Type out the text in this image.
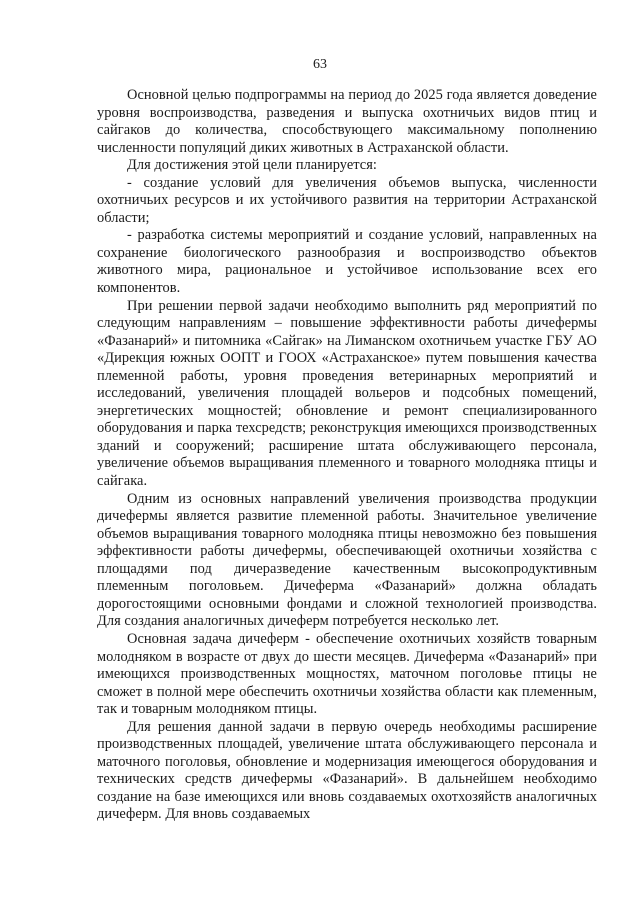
63

Основной целью подпрограммы на период до 2025 года является доведение уровня воспроизводства, разведения и выпуска охотничьих видов птиц и сайгаков до количества, способствующего максимальному пополнению численности популяций диких животных в Астраханской области.

Для достижения этой цели планируется:

- создание условий для увеличения объемов выпуска, численности охотничьих ресурсов и их устойчивого развития на территории Астраханской области;

- разработка системы мероприятий и создание условий, направленных на сохранение биологического разнообразия и воспроизводство объектов животного мира, рациональное и устойчивое использование всех его компонентов.

При решении первой задачи необходимо выполнить ряд мероприятий по следующим направлениям – повышение эффективности работы дичефермы «Фазанарий» и питомника «Сайгак» на Лиманском охотничьем участке ГБУ АО «Дирекция южных ООПТ и ГООХ «Астраханское» путем повышения качества племенной работы, уровня проведения ветеринарных мероприятий и исследований, увеличения площадей вольеров и подсобных помещений, энергетических мощностей; обновление и ремонт специализированного оборудования и парка техсредств; реконструкция имеющихся производственных зданий и сооружений; расширение штата обслуживающего персонала, увеличение объемов выращивания племенного и товарного молодняка птицы и сайгака.

Одним из основных направлений увеличения производства продукции дичефермы является развитие племенной работы. Значительное увеличение объемов выращивания товарного молодняка птицы невозможно без повышения эффективности работы дичефермы, обеспечивающей охотничьи хозяйства с площадями под дичеразведение качественным высокопродуктивным племенным поголовьем. Дичеферма «Фазанарий» должна обладать дорогостоящими основными фондами и сложной технологией производства. Для создания аналогичных дичеферм потребуется несколько лет.

Основная задача дичеферм - обеспечение охотничьих хозяйств товарным молодняком в возрасте от двух до шести месяцев. Дичеферма «Фазанарий» при имеющихся производственных мощностях, маточном поголовье птицы не сможет в полной мере обеспечить охотничьи хозяйства области как племенным, так и товарным молодняком птицы.

Для решения данной задачи в первую очередь необходимы расширение производственных площадей, увеличение штата обслуживающего персонала и маточного поголовья, обновление и модернизация имеющегося оборудования и технических средств дичефермы «Фазанарий». В дальнейшем необходимо создание на базе имеющихся или вновь создаваемых охотхозяйств аналогичных дичеферм. Для вновь создаваемых
